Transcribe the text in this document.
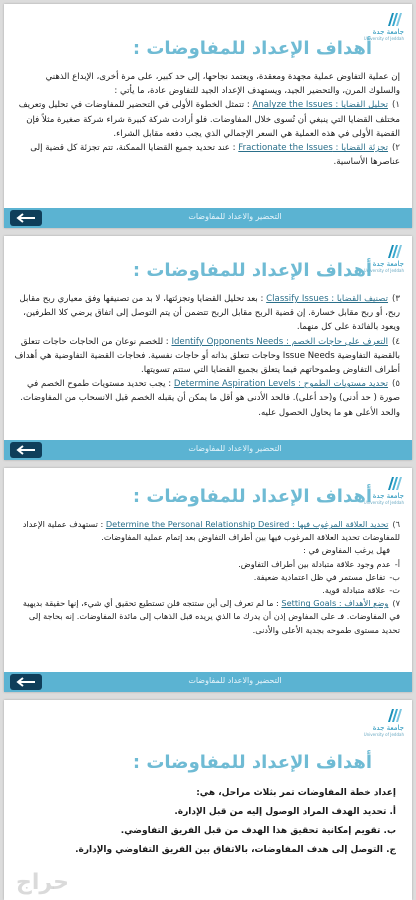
جامعة جدة
University of Jeddah
أهداف الإعداد للمفاوضات :

إن عملية التفاوض عملية مجهدة ومعقدة، ويعتمد نجاحها، إلى حد كبير، على مرة أخرى، الإبداع الذهني والسلوك المرن، والتحضير الجيد، ويستهدف الإعداد الجيد للتفاوض عادة، ما يأتي :

١)تحليل القضايا : Analyze the Issues : تتمثل الخطوة الأولى في التحضير للمفاوضات في تحليل وتعريف مختلف القضايا التي ينبغي أن تُسوى خلال المفاوضات. فلو أرادت شركة كبيرة شراء شركة صغيرة مثلاً فإن القضية الأولى في هذه العملية هي السعر الإجمالي الذي يجب دفعه مقابل الشراء.

٢)تجزئة القضايا : Fractionate the Issues : عند تحديد جميع القضايا الممكنة، تتم تجزئة كل قضية إلى عناصرها الأساسية.

التحضير والاعداد للمفاوضات
جامعة جدة
University of Jeddah
أهداف الإعداد للمفاوضات :

٣)تصنيف القضايا : Classify Issues : بعد تحليل القضايا وتجزئتها، لا بد من تصنيفها وفق معياري ربح مقابل ربح، أو ربح مقابل خسارة. إن قضية الربح مقابل الربح تتضمن أن يتم التوصل إلى اتفاق يرضي كلا الطرفين، ويعود بالفائدة على كل منهما.

٤)التعرف على حاجات الخصم : Identify Opponents Needs : للخصم نوعان من الحاجات حاجات تتعلق بالقضية التفاوضية Issue Needs وحاجات تتعلق بذاته أو حاجات نفسية. فحاجات القضية التفاوضية هي أهداف أطراف التفاوض وطموحاتهم فيما يتعلق بجميع القضايا التي ستتم تسويتها.

٥)تحديد مستويات الطموح : Determine Aspiration Levels : يجب تحديد مستويات طموح الخصم في صورة ( حد أدنى) و(حد أعلى). فالحد الأدنى هو أقل ما يمكن أن يقبله الخصم قبل الانسحاب من المفاوضات. والحد الأعلى هو ما يحاول الحصول عليه.

التحضير والاعداد للمفاوضات
جامعة جدة
University of Jeddah
أهداف الإعداد للمفاوضات :

٦)تحديد العلاقة المرغوب فيها : Determine the Personal Relationship Desired : تستهدف عملية الإعداد للمفاوضات تحديد العلاقة المرغوب فيها بين أطراف التفاوض بعد إتمام عملية المفاوضات.

فهل يرغب المفاوض في :

أ-عدم وجود علاقة متبادلة بين أطراف التفاوض.

ب-تفاعل مستمر في ظل اعتمادية ضعيفة.

ت-علاقة متبادلة قوية.

٧)وضع الأهداف : Setting Goals : ما لم تعرف إلى أين ستتجه فلن تستطيع تحقيق أي شيء، إنها حقيقة بديهية في المفاوضات. فـ على المفاوض إذن أن يدرك ما الذي يريده قبل الذهاب إلى مائدة المفاوضات. إنه بحاجة إلى تحديد مستوى طموحه بجدية الأعلى والأدنى.

التحضير والاعداد للمفاوضات
جامعة جدة
University of Jeddah
أهداف الإعداد للمفاوضات :

إعداد خطة المفاوضات تمر بثلاث مراحل، هي:

أ. تحديد الهدف المراد الوصول إليه من قبل الإدارة.

ب. تقويم إمكانية تحقيق هذا الهدف من قبل الفريق التفاوضي.

ج. التوصل إلى هدف المفاوضات، بالاتفاق بين الفريق التفاوضي والإدارة.

حراج
